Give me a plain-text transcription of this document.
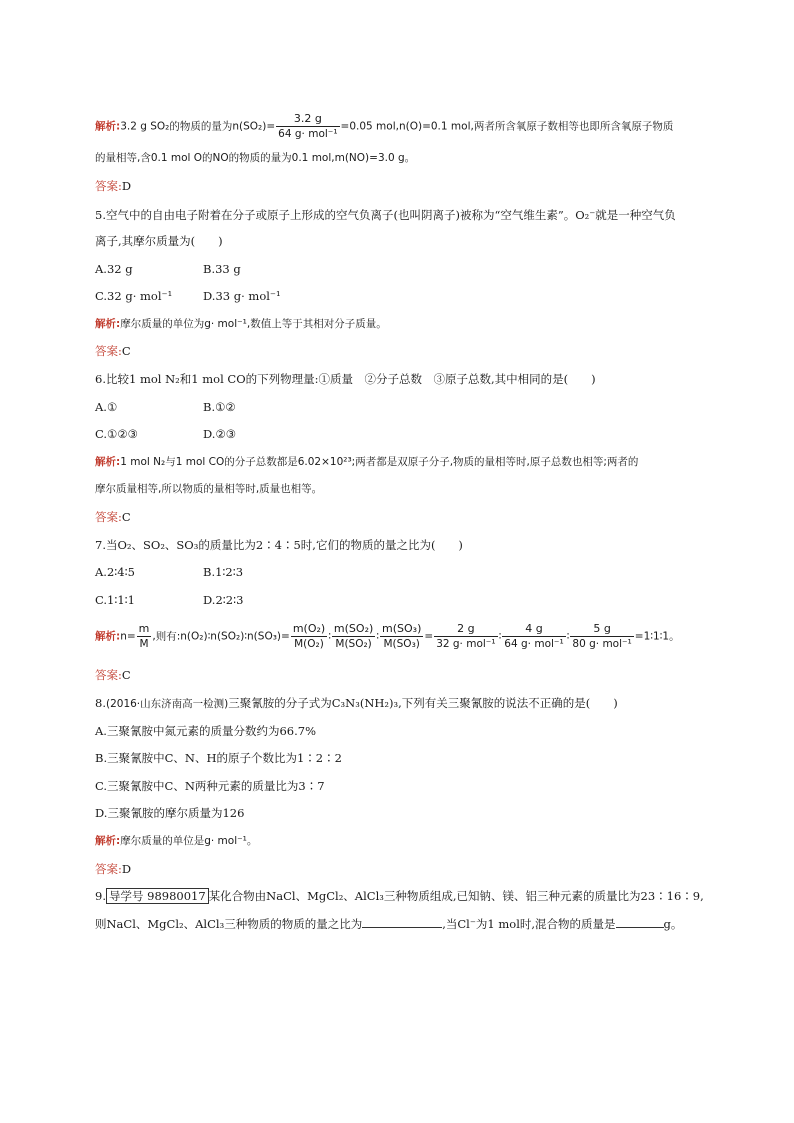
解析:3.2 g SO₂的物质的量为$n(SO_2)= \frac{3.2 g}{\text{64 g· mol⁻¹}} =0.05$ mol,n(O)=0.1 mol,两者所含氧原子数相等也即所含氧原子物质
的量相等,含0.1 mol O的NO的物质的量为0.1 mol,m(NO)=3.0 g。
答案:D
5.空气中的自由电子附着在分子或原子上形成的空气负离子(也叫阴离子)被称为“空气维生素”。O₂⁻就是一种空气负
离子,其摩尔质量为(　　)
A.32 g	B.33 g
C.32 g· mol⁻¹	D.33 g· mol⁻¹
解析:摩尔质量的单位为g· mol⁻¹,数值上等于其相对分子质量。
答案:C
6.比较1 mol N₂和1 mol CO的下列物理量:①质量　②分子总数　③原子总数,其中相同的是(　　)
A.①	B.①②
C.①②③	D.②③
解析:1 mol N₂与1 mol CO的分子总数都是6.02×10²³;两者都是双原子分子,物质的量相等时,原子总数也相等;两者的
摩尔质量相等,所以物质的量相等时,质量也相等。
答案:C
7.当O₂、SO₂、SO₃的质量比为2∶4∶5时,它们的物质的量之比为(　　)
A.2∶4∶5	B.1∶2∶3
C.1∶1∶1	D.2∶2∶3
解析:n= $\frac{m}{M}$ ,则有:n(O₂)∶n(SO₂)∶n(SO₃)= $\frac{\text{m(O₂)}}{\text{M(O₂)}}$ ∶ $\frac{\text{m(SO₂)}}{\text{M(SO₂)}}$ ∶ $\frac{\text{m(SO₃)}}{\text{M(SO₃)}} = \frac{2 g}{\text{32 g· mol⁻¹}}$ ∶ $\frac{4 g}{\text{64 g· mol⁻¹}}$ ∶ $\frac{5 g}{\text{80 g· mol⁻¹}}$ =1∶1∶1。
答案:C
8.(2016·山东济南高一检测)三聚氰胺的分子式为C₃N₃(NH₂)₃,下列有关三聚氰胺的说法不正确的是(　　)
A.三聚氰胺中氮元素的质量分数约为66.7%
B.三聚氰胺中C、N、H的原子个数比为1∶2∶2
C.三聚氰胺中C、N两种元素的质量比为3∶7
D.三聚氰胺的摩尔质量为126
解析:摩尔质量的单位是g· mol⁻¹。
答案:D
9. 导学号 98980017 某化合物由NaCl、MgCl₂、AlCl₃三种物质组成,已知钠、镁、铝三种元素的质量比为23∶16∶9,
则NaCl、MgCl₂、AlCl₃三种物质的物质的量之比为	,当Cl⁻为1 mol时,混合物的质量是	g。
